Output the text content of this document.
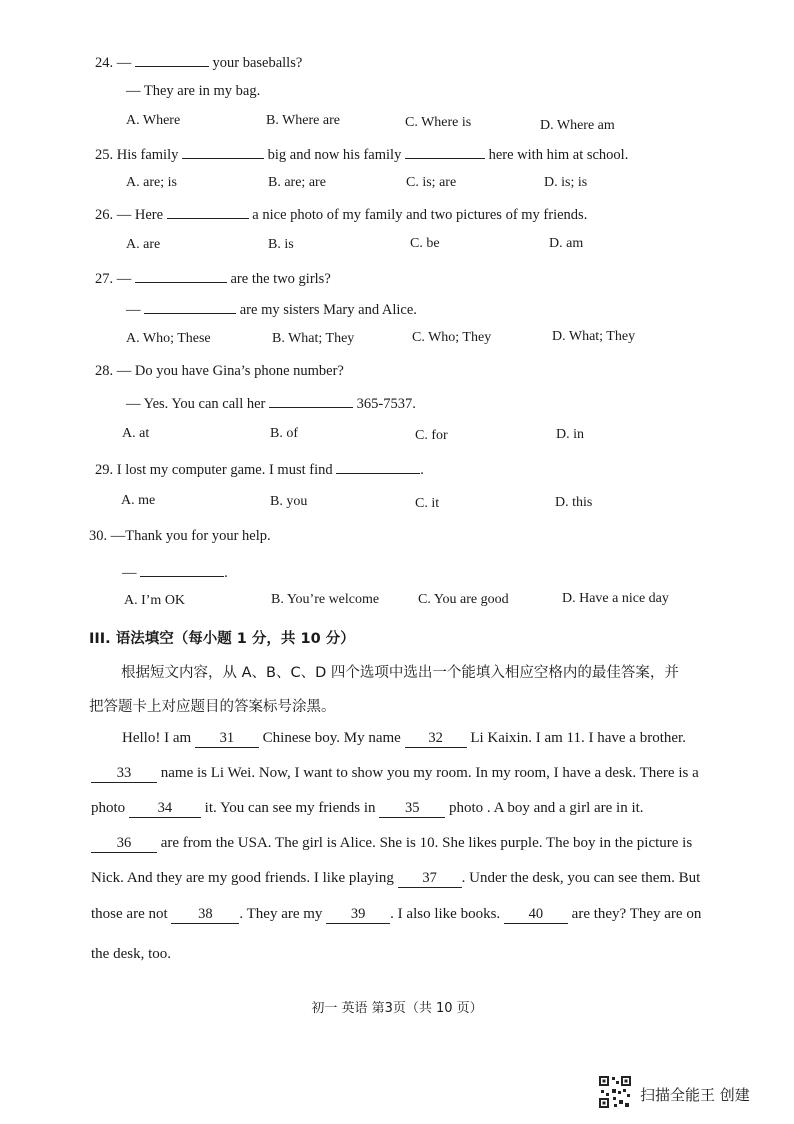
24. —	your baseballs?
— They are in my bag.
A. Where	B. Where are	C. Where is	D. Where am
25. His family	big and now his family	here with him at school.
A. are; is	B. are; are	C. is; are	D. is; is
26. — Here	a nice photo of my family and two pictures of my friends.
A. are	B. is	C. be	D. am
27. —	are the two girls?
—	are my sisters Mary and Alice.
A. Who; These	B. What; They	C. Who; They	D. What; They
28. — Do you have Gina’s phone number?
— Yes. You can call her	365-7537.
A. at	B. of	C. for	D. in
29. I lost my computer game. I must find	.
A. me	B. you	C. it	D. this
30. —Thank you for your help.
—	.
A. I’m OK	B. You’re welcome	C. You are good	D. Have a nice day
III. 语法填空（每小题 1 分，共 10 分）
根据短文内容，从 A、B、C、D 四个选项中选出一个能填入相应空格内的最佳答案，并
把答题卡上对应题目的答案标号涂黑。
Hello! I am 31 Chinese boy. My name 32 Li Kaixin. I am 11. I have a brother.
33 name is Li Wei. Now, I want to show you my room. In my room, I have a desk. There is a
photo 34 it. You can see my friends in 35 photo . A boy and a girl are in it.
36 are from the USA. The girl is Alice. She is 10. She likes purple. The boy in the picture is
Nick. And they are my good friends. I like playing 37 . Under the desk, you can see them. But
those are not 38 . They are my 39 . I also like books. 40 are they? They are on
the desk, too.
初一 英语 第3页（共 10 页）
扫描全能王 创建
